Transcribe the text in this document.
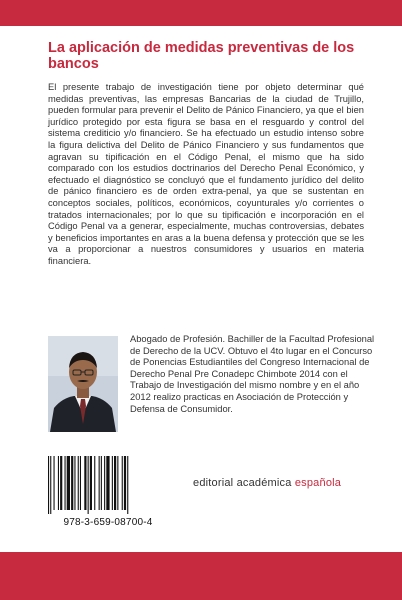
La aplicación de medidas preventivas de los bancos

El presente trabajo de investigación tiene por objeto determinar qué medidas preventivas, las empresas Bancarias de la ciudad de Trujillo, pueden formular para prevenir el Delito de Pánico Financiero, ya que el bien jurídico protegido por esta figura se basa en el resguardo y control del sistema crediticio y/o financiero. Se ha efectuado un estudio intenso sobre la figura delictiva del Delito de Pánico Financiero y sus fundamentos que agravan su tipificación en el Código Penal, el mismo que ha sido comparado con los estudios doctrinarios del Derecho Penal Económico, y efectuado el diagnóstico se concluyó que el fundamento jurídico del delito de pánico financiero es de orden extra-penal, ya que se sustentan en conceptos sociales, políticos, económicos, coyunturales y/o corrientes o tratados internacionales; por lo que su tipificación e incorporación en el Código Penal va a generar, especialmente, muchas controversias, debates y beneficios importantes en aras a la buena defensa y protección que se les va a proporcionar a nuestros consumidores y usuarios en materia financiera.

Abogado de Profesión. Bachiller de la Facultad Profesional de Derecho de la UCV. Obtuvo el 4to lugar en el Concurso de Ponencias Estudiantiles del Congreso Internacional de Derecho Penal Pre Conadepc Chimbote 2014 con el Trabajo de Investigación del mismo nombre y en el año 2012 realizo practicas en Asociación de Protección y Defensa de Consumidor.

978-3-659-08700-4
editorial académica española
